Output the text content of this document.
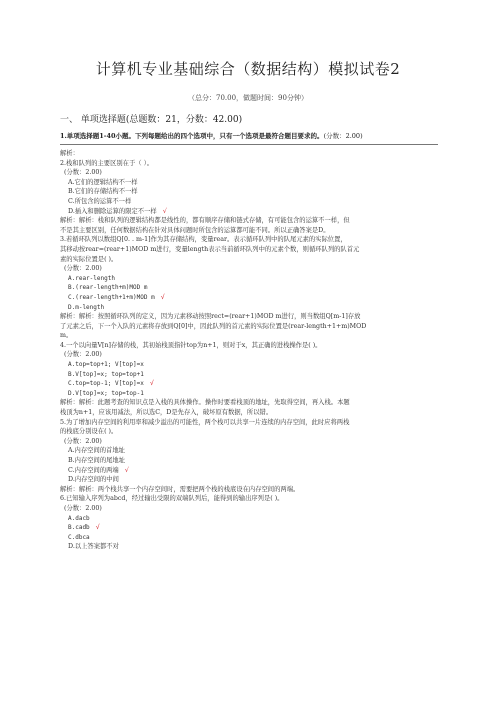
计算机专业基础综合（数据结构）模拟试卷2
（总分：70.00，做题时间：90分钟）
一、 单项选择题(总题数：21，分数：42.00)
1.单项选择题1-40小题。下列每题给出的四个选项中，只有一个选项是最符合题目要求的。(分数：2.00)
解析：
2.栈和队列的主要区别在于（ ）。
(分数：2.00)
A.它们的逻辑结构不一样
B.它们的存储结构不一样
C.所包含的运算不一样
D.插入和删除运算的限定不一样 √
解析：解析：栈和队列的逻辑结构都是线性的，都有顺序存储和链式存储，有可能包含的运算不一样，但
不是其主要区别，任何数据结构在针对具体问题时所包含的运算都可能不同。所以正确答案是D。
3.若循环队列以数组Q[0. . m-1]作为其存储结构，变量rear。表示循环队列中的队尾元素的实际位置，
其移动按rear=(rear+1)MOD m进行，变量length表示当前循环队列中的元素个数，则循环队列的队首元
素的实际位置是( )。
(分数：2.00)
A.rear-length
B.(rear-length+m)MOD m
C.(rear-length+1+m)MOD m √
D.m-length
解析：解析：按照循环队列的定义，因为元素移动按照rect=(rear+1)MOD m进行，则当数组Q[m-1]存放
了元素之后，下一个入队的元素将存放到Q[0]中，因此队列的首元素的实际位置是(rear-length+1+m)MOD
m。
4.一个以向量V[n]存储的栈，其初始栈顶指针top为n+1，则对于x，其正确的进栈操作是( )。
(分数：2.00)
A.top=top+1; V[top]=x
B.V[top]=x; top=top+1
C.top=top-1; V[top]=x √
D.V[top]=x; top=top-1
解析：解析：此题考查的知识点是入栈的具体操作。操作时要看栈顶的地址，先取得空间，再入栈。本题
栈顶为n+1，应该用减法，所以选C，D是先存入，破坏原有数据，所以错。
5.为了增加内存空间的利用率和减少溢出的可能性，两个栈可以共享一片连续的内存空间，此时应将两栈
的栈底分别设在( )。
(分数：2.00)
A.内存空间的首地址
B.内存空间的尾地址
C.内存空间的两端 √
D.内存空间的中间
解析：解析：两个栈共享一个内存空间时，需要把两个栈的栈底设在内存空间的两端。
6.已知输入序列为abcd，经过输出受限的双端队列后，能得到的输出序列是( )。
(分数：2.00)
A.dacb
B.cadb √
C.dbca
D.以上答案都不对
